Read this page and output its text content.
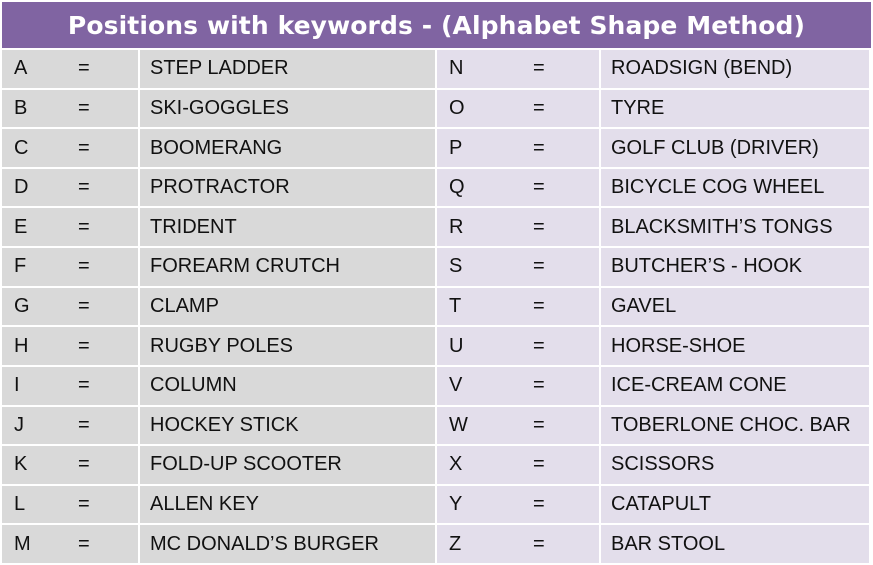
Positions with keywords - (Alphabet Shape Method)
A	=	STEP LADDER	N	=	ROADSIGN (BEND)
B	=	SKI-GOGGLES	O	=	TYRE
C =	BOOMERANG	P	=	GOLF CLUB (DRIVER)
D =	PROTRACTOR	Q	=	BICYCLE COG WHEEL
E	=	TRIDENT	R	=	BLACKSMITH’S TONGS
F	=	FOREARM CRUTCH	S	=	BUTCHER’S - HOOK
G =	CLAMP	T	=	GAVEL
H =	RUGBY POLES	U	=	HORSE-SHOE
I	=	COLUMN	V	=	ICE-CREAM CONE
J	=	HOCKEY STICK	W	=	TOBERLONE CHOC. BAR
K	=	FOLD-UP SCOOTER	X	=	SCISSORS
L	=	ALLEN KEY	Y	=	CATAPULT
M =	MC DONALD’S BURGER	Z	=	BAR STOOL
